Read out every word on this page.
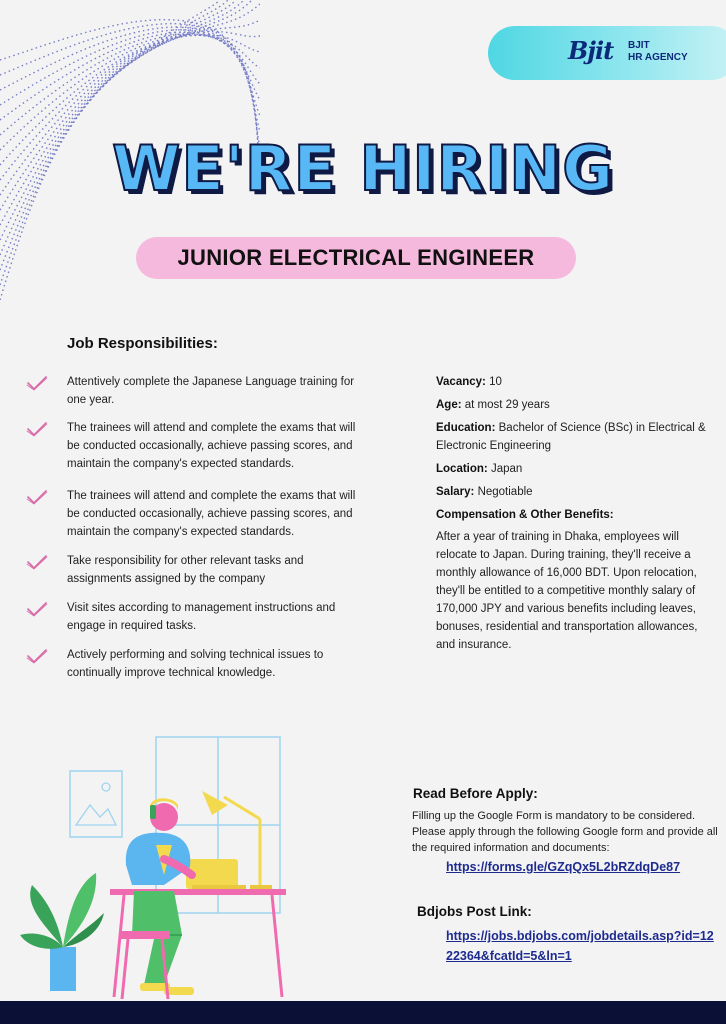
Bjit BJIT
HR AGENCY
WE'RE HIRING
JUNIOR ELECTRICAL ENGINEER
Job Responsibilities:

Attentively complete the Japanese Language training for one year.

The trainees will attend and complete the exams that will be conducted occasionally, achieve passing scores, and maintain the company's expected standards.

The trainees will attend and complete the exams that will be conducted occasionally, achieve passing scores, and maintain the company's expected standards.

Take responsibility for other relevant tasks and assignments assigned by the company

Visit sites according to management instructions and engage in required tasks.

Actively performing and solving technical issues to continually improve technical knowledge.

Vacancy: 10
Age: at most 29 years
Education: Bachelor of Science (BSc) in Electrical & Electronic Engineering
Location: Japan
Salary: Negotiable
Compensation & Other Benefits:
After a year of training in Dhaka, employees will relocate to Japan. During training, they'll receive a monthly allowance of 16,000 BDT. Upon relocation, they'll be entitled to a competitive monthly salary of 170,000 JPY and various benefits including leaves, bonuses, residential and transportation allowances, and insurance.
Read Before Apply:
Filling up the Google Form is mandatory to be considered. Please apply through the following Google form and provide all the required information and documents:
https://forms.gle/GZqQx5L2bRZdqDe87
Bdjobs Post Link:
https://jobs.bdjobs.com/jobdetails.asp?id=1222364&fcatId=5&ln=1
